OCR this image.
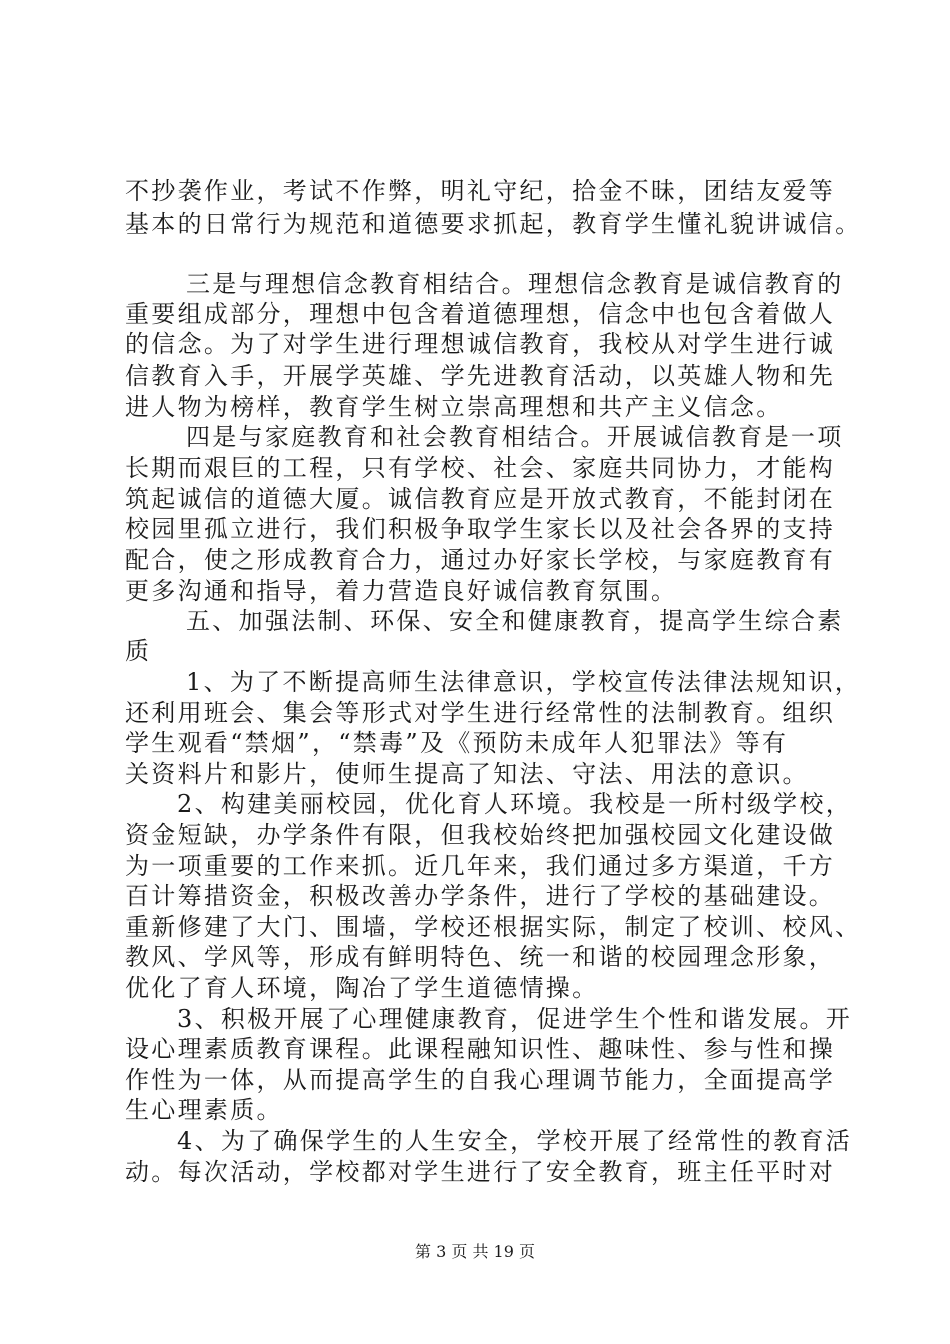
不抄袭作业，考试不作弊，明礼守纪，拾金不昧，团结友爱等
基本的日常行为规范和道德要求抓起，教育学生懂礼貌讲诚信。
三是与理想信念教育相结合。理想信念教育是诚信教育的
重要组成部分，理想中包含着道德理想，信念中也包含着做人
的信念。为了对学生进行理想诚信教育，我校从对学生进行诚
信教育入手，开展学英雄、学先进教育活动，以英雄人物和先
进人物为榜样，教育学生树立崇高理想和共产主义信念。
四是与家庭教育和社会教育相结合。开展诚信教育是一项
长期而艰巨的工程，只有学校、社会、家庭共同协力，才能构
筑起诚信的道德大厦。诚信教育应是开放式教育，不能封闭在
校园里孤立进行，我们积极争取学生家长以及社会各界的支持
配合，使之形成教育合力，通过办好家长学校，与家庭教育有
更多沟通和指导，着力营造良好诚信教育氛围。
五、加强法制、环保、安全和健康教育，提高学生综合素
质
1、为了不断提高师生法律意识，学校宣传法律法规知识，
还利用班会、集会等形式对学生进行经常性的法制教育。组织
学生观看“禁烟”，“禁毒”及《预防未成年人犯罪法》等有
关资料片和影片，使师生提高了知法、守法、用法的意识。
2、构建美丽校园，优化育人环境。我校是一所村级学校，
资金短缺，办学条件有限，但我校始终把加强校园文化建设做
为一项重要的工作来抓。近几年来，我们通过多方渠道，千方
百计筹措资金，积极改善办学条件，进行了学校的基础建设。
重新修建了大门、围墙，学校还根据实际，制定了校训、校风、
教风、学风等，形成有鲜明特色、统一和谐的校园理念形象，
优化了育人环境，陶冶了学生道德情操。
3、积极开展了心理健康教育，促进学生个性和谐发展。开
设心理素质教育课程。此课程融知识性、趣味性、参与性和操
作性为一体，从而提高学生的自我心理调节能力，全面提高学
生心理素质。
4、为了确保学生的人生安全，学校开展了经常性的教育活
动。每次活动，学校都对学生进行了安全教育，班主任平时对
第 3 页 共 19 页
